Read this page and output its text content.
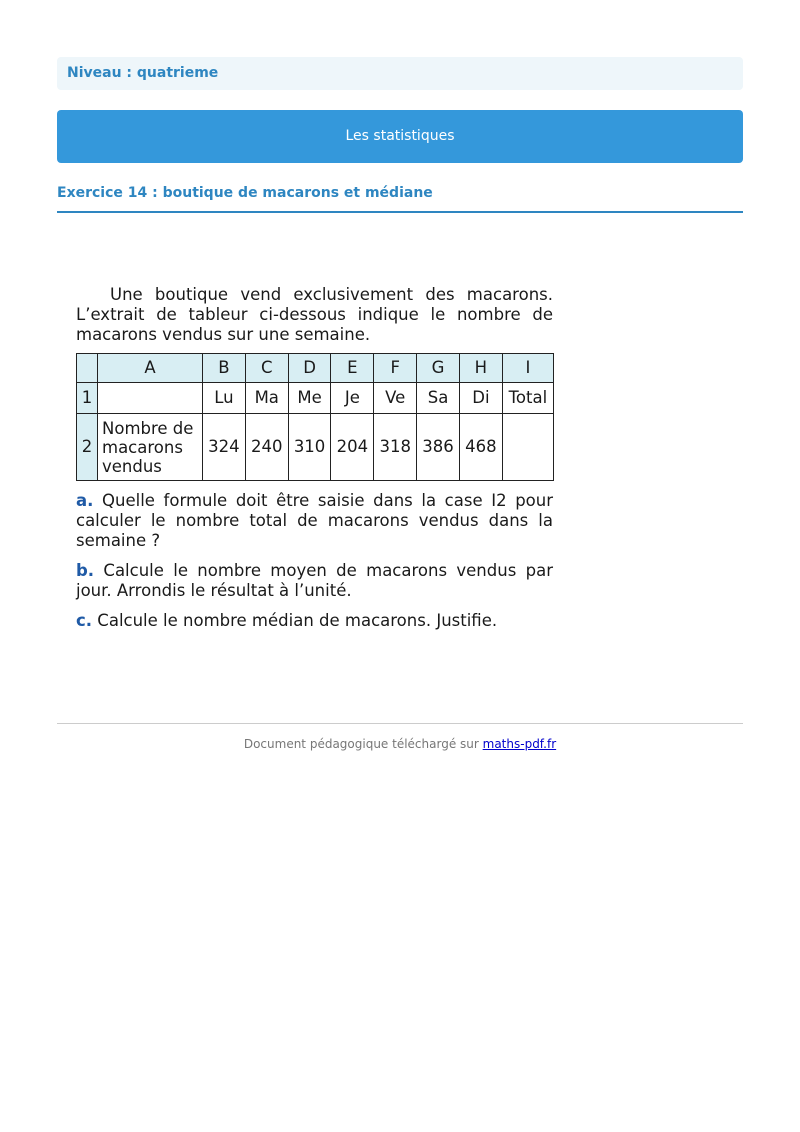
Niveau : quatrieme
Les statistiques
Exercice 14 : boutique de macarons et médiane

Une boutique vend exclusivement des macarons. L’extrait de tableur ci-dessous indique le nombre de macarons vendus sur une semaine.

	A	B	C	D	E	F	G	H	I
1		Lu	Ma	Me	Je	Ve	Sa	Di	Total
2	Nombre de
macarons
vendus	324	240	310	204	318	386	468	

a. Quelle formule doit être saisie dans la case I2 pour calculer le nombre total de macarons vendus dans la semaine ?

b. Calcule le nombre moyen de macarons vendus par jour. Arrondis le résultat à l’unité.

c. Calcule le nombre médian de macarons. Justifie.

Document pédagogique téléchargé sur maths-pdf.fr
